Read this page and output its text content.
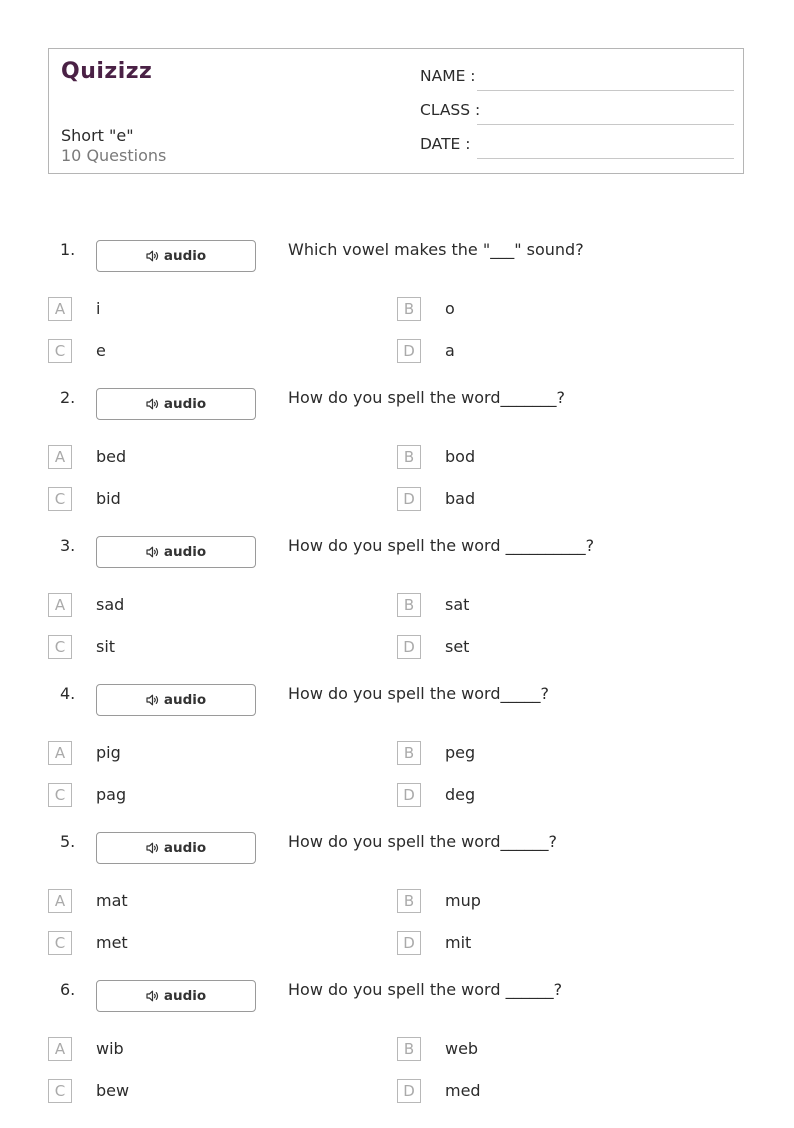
Quizizz
Short "e"
10 Questions
NAME :
CLASS :
DATE :
1.	audio	Which vowel makes the "___" sound?
A	i	B	o
C	e	D	a
2.	audio	How do you spell the word_______?
A	bed	B	bod
C	bid	D	bad
3.	audio	How do you spell the word __________?
A	sad	B	sat
C	sit	D	set
4.	audio	How do you spell the word_____?
A	pig	B	peg
C	pag	D	deg
5.	audio	How do you spell the word______?
A	mat	B	mup
C	met	D	mit
6.	audio	How do you spell the word ______?
A	wib	B	web
C	bew	D	med
